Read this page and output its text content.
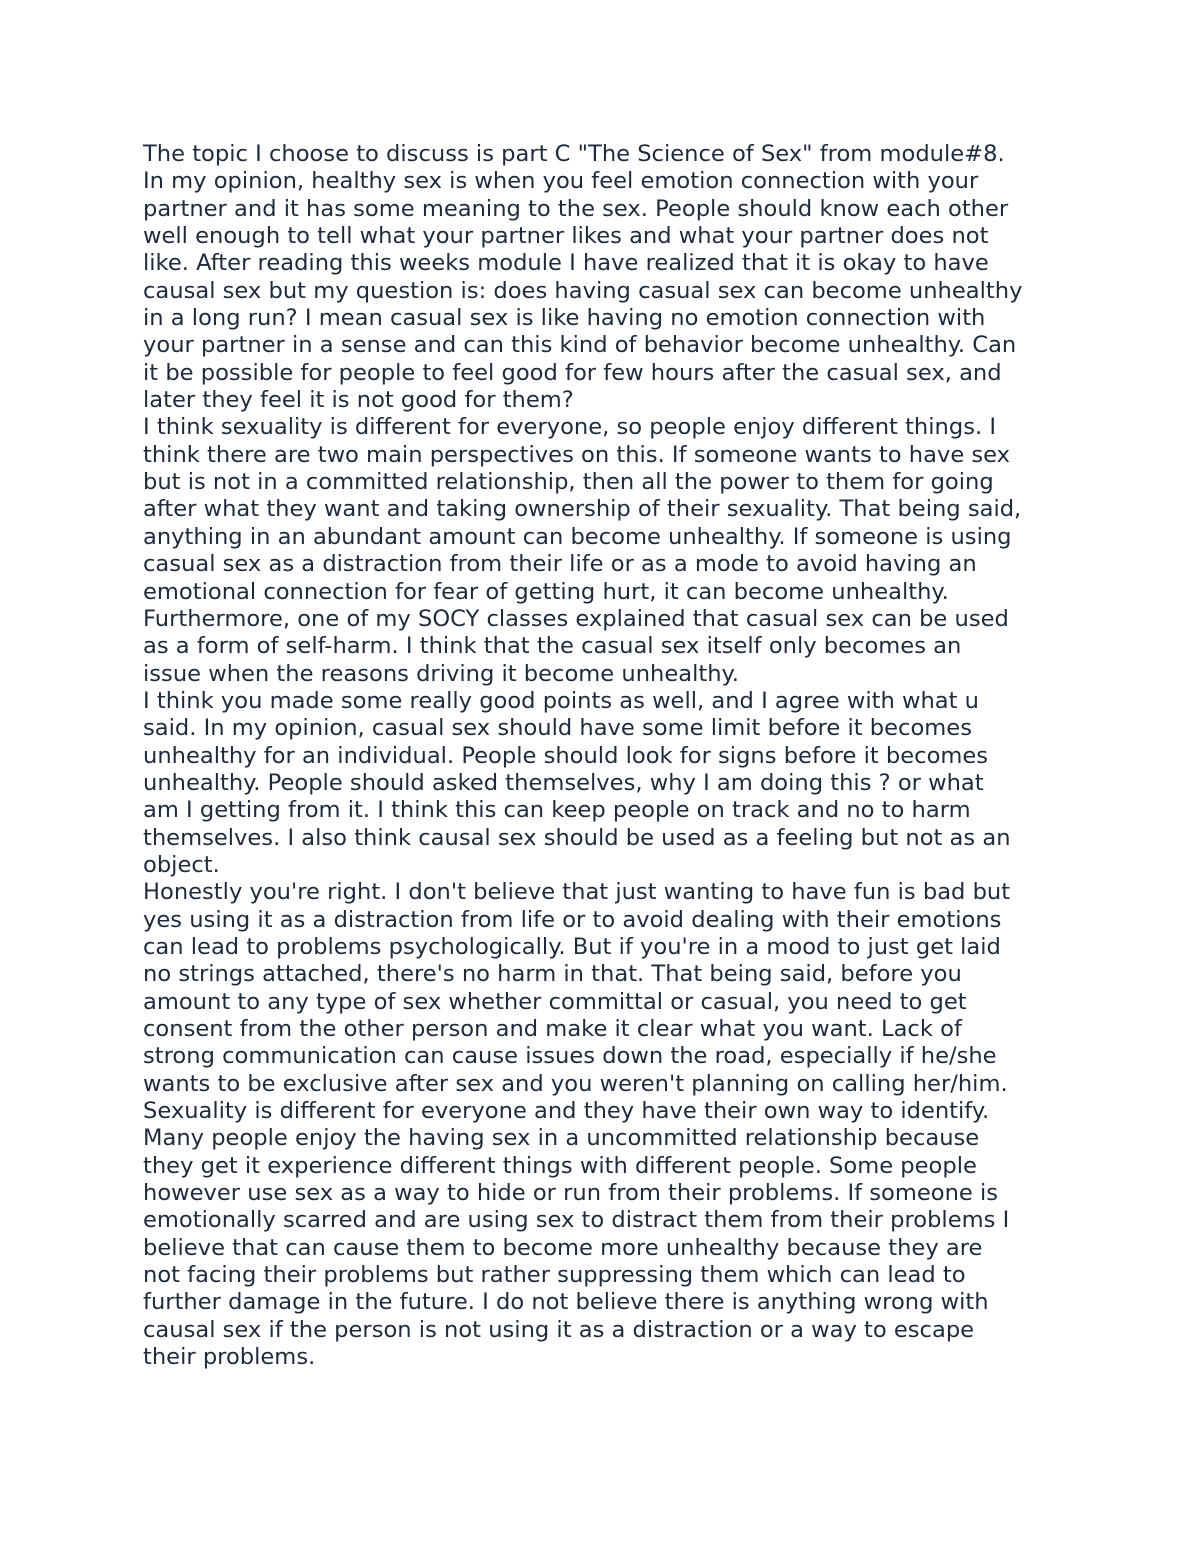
The topic I choose to discuss is part C "The Science of Sex" from module#8.
In my opinion, healthy sex is when you feel emotion connection with your
partner and it has some meaning to the sex. People should know each other
well enough to tell what your partner likes and what your partner does not
like. After reading this weeks module I have realized that it is okay to have
causal sex but my question is: does having casual sex can become unhealthy
in a long run? I mean casual sex is like having no emotion connection with
your partner in a sense and can this kind of behavior become unhealthy. Can
it be possible for people to feel good for few hours after the casual sex, and
later they feel it is not good for them?

I think sexuality is different for everyone, so people enjoy different things. I
think there are two main perspectives on this. If someone wants to have sex
but is not in a committed relationship, then all the power to them for going
after what they want and taking ownership of their sexuality. That being said,
anything in an abundant amount can become unhealthy. If someone is using
casual sex as a distraction from their life or as a mode to avoid having an
emotional connection for fear of getting hurt, it can become unhealthy.
Furthermore, one of my SOCY classes explained that casual sex can be used
as a form of self-harm. I think that the casual sex itself only becomes an
issue when the reasons driving it become unhealthy.

I think you made some really good points as well, and I agree with what u
said. In my opinion, casual sex should have some limit before it becomes
unhealthy for an individual. People should look for signs before it becomes
unhealthy. People should asked themselves, why I am doing this ? or what
am I getting from it. I think this can keep people on track and no to harm
themselves. I also think causal sex should be used as a feeling but not as an
object.

Honestly you're right. I don't believe that just wanting to have fun is bad but
yes using it as a distraction from life or to avoid dealing with their emotions
can lead to problems psychologically. But if you're in a mood to just get laid
no strings attached, there's no harm in that. That being said, before you
amount to any type of sex whether committal or casual, you need to get
consent from the other person and make it clear what you want. Lack of
strong communication can cause issues down the road, especially if he/she
wants to be exclusive after sex and you weren't planning on calling her/him.

Sexuality is different for everyone and they have their own way to identify.
Many people enjoy the having sex in a uncommitted relationship because
they get it experience different things with different people. Some people
however use sex as a way to hide or run from their problems. If someone is
emotionally scarred and are using sex to distract them from their problems I
believe that can cause them to become more unhealthy because they are
not facing their problems but rather suppressing them which can lead to
further damage in the future. I do not believe there is anything wrong with
causal sex if the person is not using it as a distraction or a way to escape
their problems.
